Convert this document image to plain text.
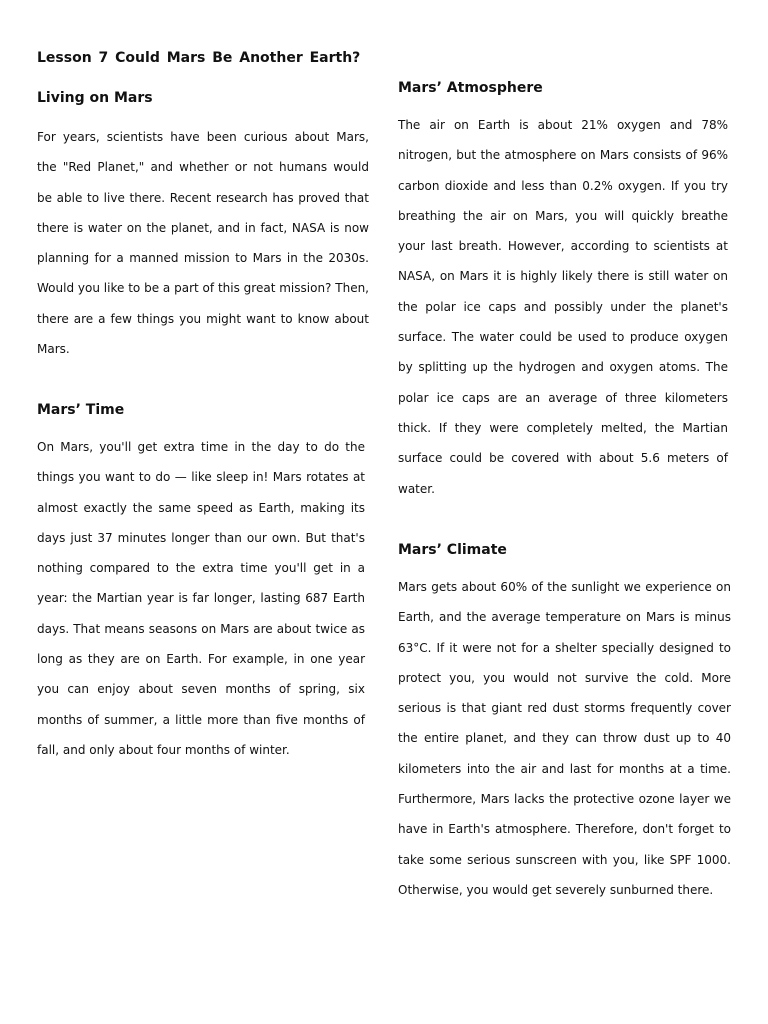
Lesson 7 Could Mars Be Another Earth?
Living on Mars

For years, scientists have been curious about Mars, the "Red Planet," and whether or not humans would be able to live there. Recent research has proved that there is water on the planet, and in fact, NASA is now planning for a manned mission to Mars in the 2030s. Would you like to be a part of this great mission? Then, there are a few things you might want to know about Mars.

Mars’ Time

On Mars, you'll get extra time in the day to do the things you want to do — like sleep in! Mars rotates at almost exactly the same speed as Earth, making its days just 37 minutes longer than our own. But that's nothing compared to the extra time you'll get in a year: the Martian year is far longer, lasting 687 Earth days. That means seasons on Mars are about twice as long as they are on Earth. For example, in one year you can enjoy about seven months of spring, six months of summer, a little more than five months of fall, and only about four months of winter.

Mars’ Atmosphere

The air on Earth is about 21% oxygen and 78% nitrogen, but the atmosphere on Mars consists of 96% carbon dioxide and less than 0.2% oxygen. If you try breathing the air on Mars, you will quickly breathe your last breath. However, according to scientists at NASA, on Mars it is highly likely there is still water on the polar ice caps and possibly under the planet's surface. The water could be used to produce oxygen by splitting up the hydrogen and oxygen atoms. The polar ice caps are an average of three kilometers thick. If they were completely melted, the Martian surface could be covered with about 5.6 meters of water.

Mars’ Climate

Mars gets about 60% of the sunlight we experience on Earth, and the average temperature on Mars is minus 63°C. If it were not for a shelter specially designed to protect you, you would not survive the cold. More serious is that giant red dust storms frequently cover the entire planet, and they can throw dust up to 40 kilometers into the air and last for months at a time. Furthermore, Mars lacks the protective ozone layer we have in Earth's atmosphere. Therefore, don't forget to take some serious sunscreen with you, like SPF 1000. Otherwise, you would get severely sunburned there.
